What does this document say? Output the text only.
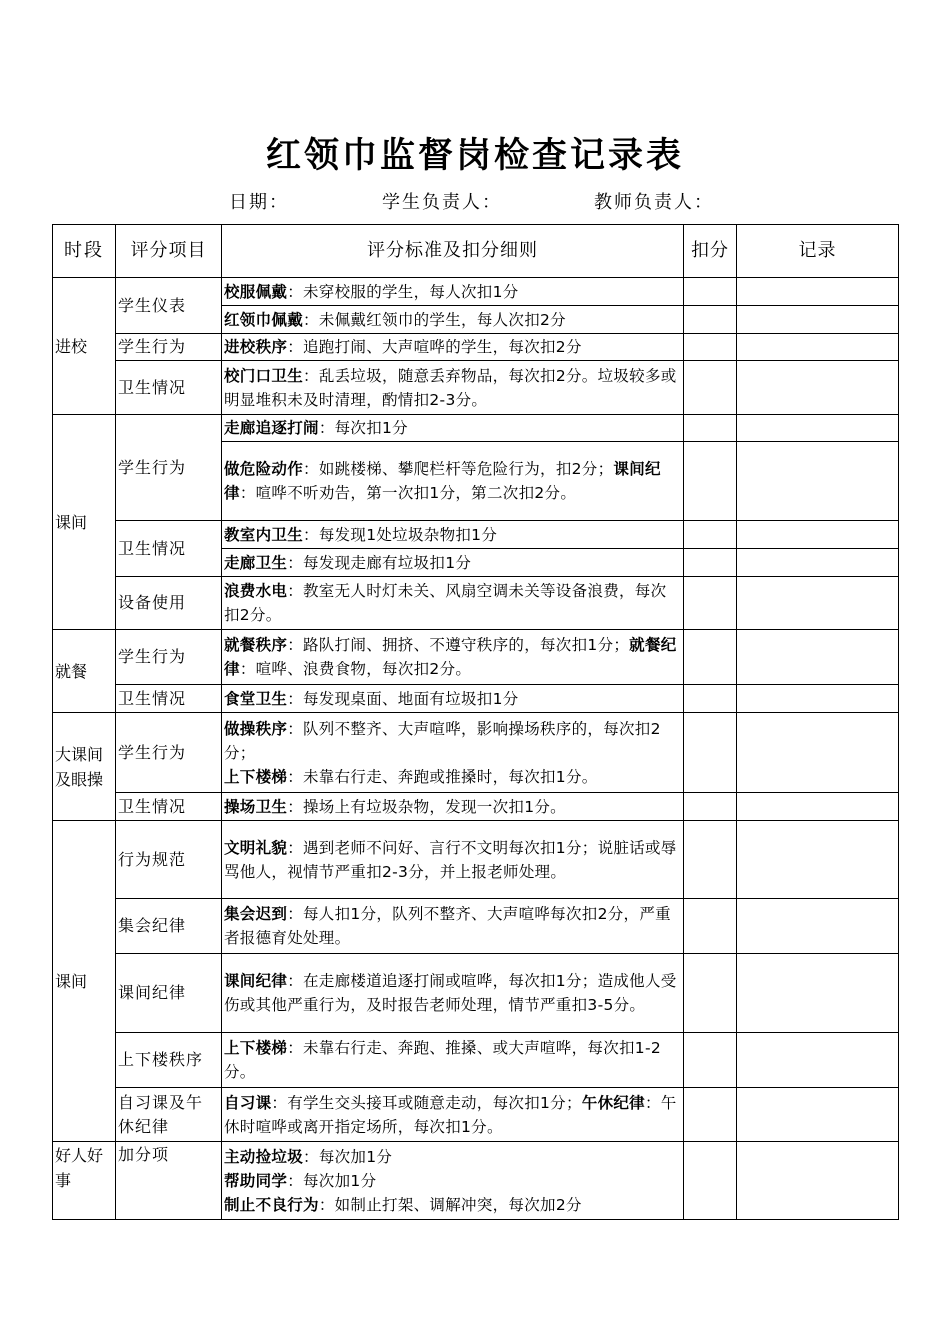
红领巾监督岗检查记录表
日期：	学生负责人：	教师负责人：
时段	评分项目	评分标准及扣分细则	扣分	记录
进校	学生仪表	校服佩戴：未穿校服的学生，每人次扣1分		
		红领巾佩戴：未佩戴红领巾的学生，每人次扣2分		
	学生行为	进校秩序：追跑打闹、大声喧哗的学生，每次扣2分		
	卫生情况	校门口卫生：乱丢垃圾，随意丢弃物品，每次扣2分。垃圾较多或明显堆积未及时清理，酌情扣2-3分。		
课间	学生行为	走廊追逐打闹：每次扣1分		
		做危险动作：如跳楼梯、攀爬栏杆等危险行为，扣2分；课间纪律：喧哗不听劝告，第一次扣1分，第二次扣2分。		
	卫生情况	教室内卫生：每发现1处垃圾杂物扣1分		
		走廊卫生：每发现走廊有垃圾扣1分		
	设备使用	浪费水电：教室无人时灯未关、风扇空调未关等设备浪费，每次扣2分。		
就餐	学生行为	就餐秩序：路队打闹、拥挤、不遵守秩序的，每次扣1分；就餐纪律：喧哗、浪费食物，每次扣2分。		
	卫生情况	食堂卫生：每发现桌面、地面有垃圾扣1分		
大课间及眼操	学生行为	做操秩序：队列不整齐、大声喧哗，影响操场秩序的，每次扣2分；
上下楼梯：未靠右行走、奔跑或推搡时，每次扣1分。		
	卫生情况	操场卫生：操场上有垃圾杂物，发现一次扣1分。		
课间	行为规范	文明礼貌：遇到老师不问好、言行不文明每次扣1分；说脏话或辱骂他人，视情节严重扣2-3分，并上报老师处理。		
	集会纪律	集会迟到：每人扣1分，队列不整齐、大声喧哗每次扣2分，严重者报德育处处理。		
	课间纪律	课间纪律：在走廊楼道追逐打闹或喧哗，每次扣1分；造成他人受伤或其他严重行为，及时报告老师处理，情节严重扣3-5分。		
	上下楼秩序	上下楼梯：未靠右行走、奔跑、推搡、或大声喧哗，每次扣1-2分。		
	自习课及午休纪律	自习课：有学生交头接耳或随意走动，每次扣1分；午休纪律：午休时喧哗或离开指定场所，每次扣1分。		
好人好事	加分项	主动捡垃圾：每次加1分
帮助同学：每次加1分
制止不良行为：如制止打架、调解冲突，每次加2分		
